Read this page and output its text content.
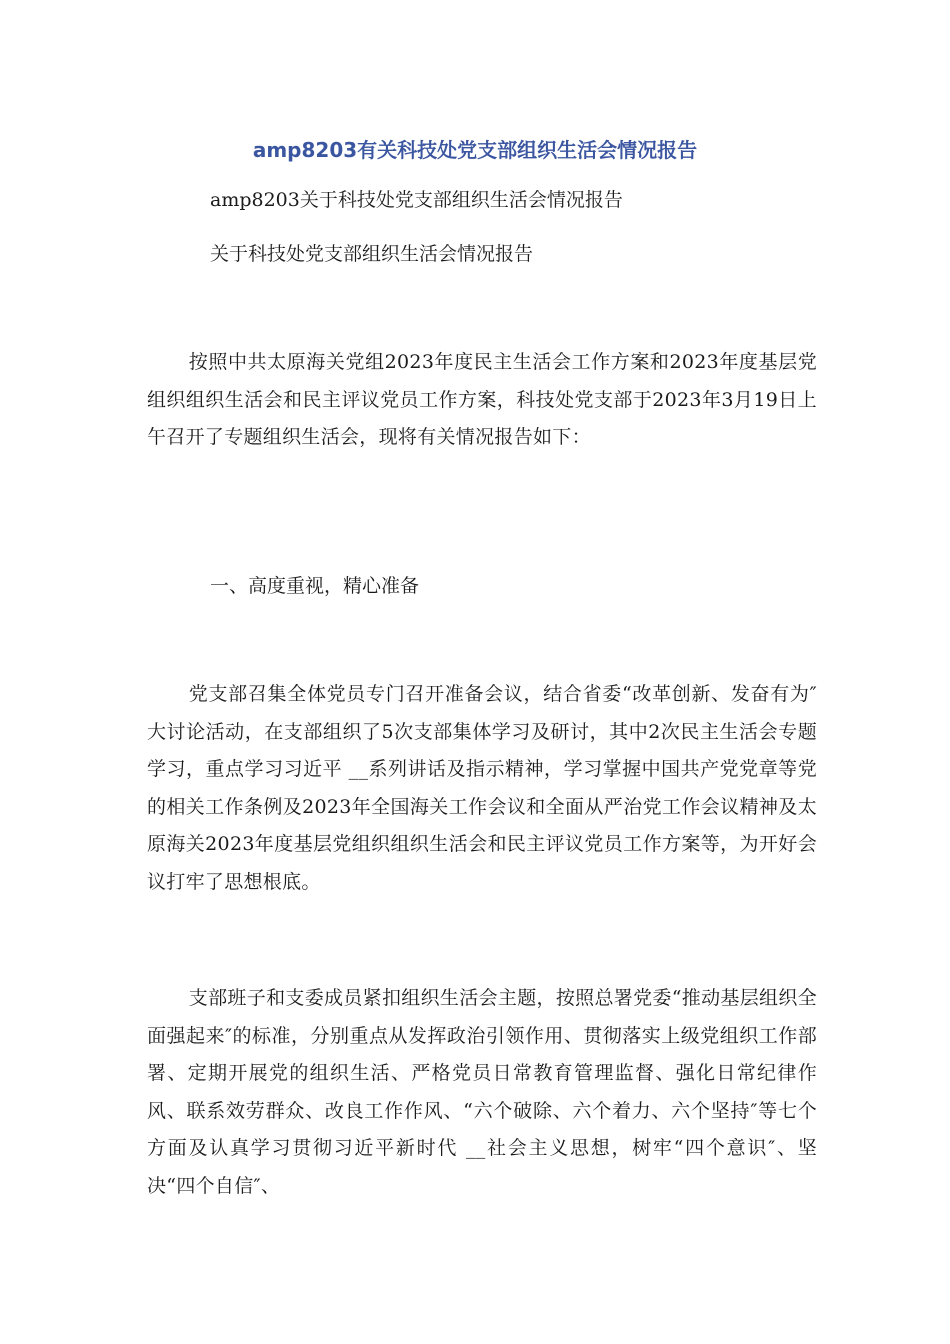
amp8203有关科技处党支部组织生活会情况报告
amp8203关于科技处党支部组织生活会情况报告
关于科技处党支部组织生活会情况报告
按照中共太原海关党组2023年度民主生活会工作方案和2023年度基层党组织组织生活会和民主评议党员工作方案，科技处党支部于2023年3月19日上午召开了专题组织生活会，现将有关情况报告如下：
一、高度重视，精心准备
党支部召集全体党员专门召开准备会议，结合省委“改革创新、发奋有为″大讨论活动，在支部组织了5次支部集体学习及研讨，其中2次民主生活会专题学习，重点学习习近平 __系列讲话及指示精神，学习掌握中国共产党党章等党的相关工作条例及2023年全国海关工作会议和全面从严治党工作会议精神及太原海关2023年度基层党组织组织生活会和民主评议党员工作方案等，为开好会议打牢了思想根底。
支部班子和支委成员紧扣组织生活会主题，按照总署党委“推动基层组织全面强起来″的标准，分别重点从发挥政治引领作用、贯彻落实上级党组织工作部署、定期开展党的组织生活、严格党员日常教育管理监督、强化日常纪律作风、联系效劳群众、改良工作作风、“六个破除、六个着力、六个坚持″等七个方面及认真学习贯彻习近平新时代 __社会主义思想，树牢“四个意识″、坚决“四个自信″、
